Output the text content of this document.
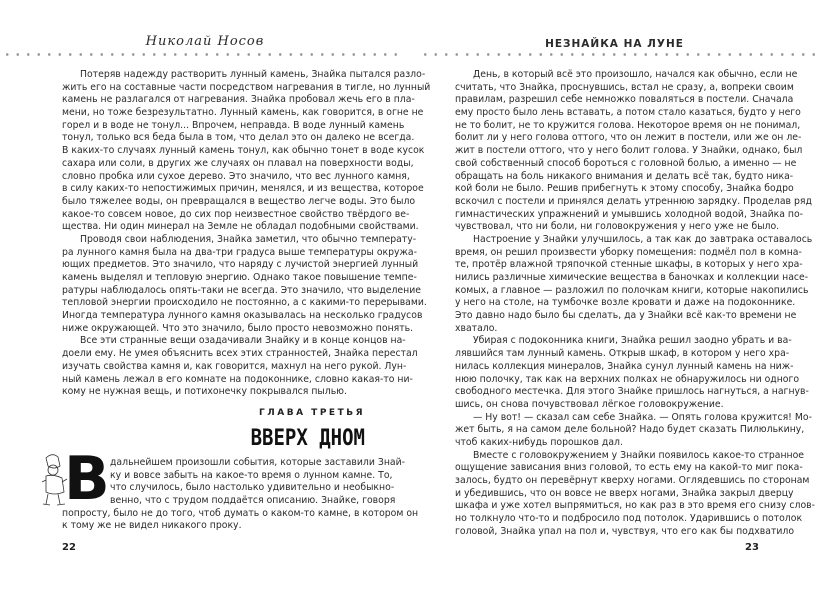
Николай Носов
Потеряв надежду растворить лунный камень, Знайка пытался разло-
жить его на составные части посредством нагревания в тигле, но лунный
камень не разлагался от нагревания. Знайка пробовал жечь его в пла-
мени, но тоже безрезультатно. Лунный камень, как говорится, в огне не
горел и в воде не тонул... Впрочем, неправда. В воде лунный камень
тонул, только вся беда была в том, что делал это он далеко не всегда.
В каких-то случаях лунный камень тонул, как обычно тонет в воде кусок
сахара или соли, в других же случаях он плавал на поверхности воды,
словно пробка или сухое дерево. Это значило, что вес лунного камня,
в силу каких-то непостижимых причин, менялся, и из вещества, которое
было тяжелее воды, он превращался в вещество легче воды. Это было
какое-то совсем новое, до сих пор неизвестное свойство твёрдого ве-
щества. Ни один минерал на Земле не обладал подобными свойствами.
Проводя свои наблюдения, Знайка заметил, что обычно температу-
ра лунного камня была на два-три градуса выше температуры окружа-
ющих предметов. Это значило, что наряду с лучистой энергией лунный
камень выделял и тепловую энергию. Однако такое повышение темпе-
ратуры наблюдалось опять-таки не всегда. Это значило, что выделение
тепловой энергии происходило не постоянно, а с какими-то перерывами.
Иногда температура лунного камня оказывалась на несколько градусов
ниже окружающей. Что это значило, было просто невозможно понять.
Все эти странные вещи озадачивали Знайку и в конце концов на-
доели ему. Не умея объяснить всех этих странностей, Знайка перестал
изучать свойства камня и, как говорится, махнул на него рукой. Лун-
ный камень лежал в его комнате на подоконнике, словно какая-то ни-
кому не нужная вещь, и потихонечку покрывался пылью.
ГЛАВА ТРЕТЬЯ
ВВЕРХ ДНОМ
В дальнейшем произошли события, которые заставили Знай-
ку и вовсе забыть на какое-то время о лунном камне. То,
что случилось, было настолько удивительно и необыкно-
венно, что с трудом поддаётся описанию. Знайке, говоря
попросту, было не до того, чтоб думать о каком-то камне, в котором он
к тому же не видел никакого проку.
22
НЕЗНАЙКА НА ЛУНЕ
День, в который всё это произошло, начался как обычно, если не
считать, что Знайка, проснувшись, встал не сразу, а, вопреки своим
правилам, разрешил себе немножко поваляться в постели. Сначала
ему просто было лень вставать, а потом стало казаться, будто у него
не то болит, не то кружится голова. Некоторое время он не понимал,
болит ли у него голова оттого, что он лежит в постели, или же он ле-
жит в постели оттого, что у него болит голова. У Знайки, однако, был
свой собственный способ бороться с головной болью, а именно — не
обращать на боль никакого внимания и делать всё так, будто ника-
кой боли не было. Решив прибегнуть к этому способу, Знайка бодро
вскочил с постели и принялся делать утреннюю зарядку. Проделав ряд
гимнастических упражнений и умывшись холодной водой, Знайка по-
чувствовал, что ни боли, ни головокружения у него уже не было.
Настроение у Знайки улучшилось, а так как до завтрака оставалось
время, он решил произвести уборку помещения: подмёл пол в комна-
те, протёр влажной тряпочкой стенные шкафы, в которых у него хра-
нились различные химические вещества в баночках и коллекции насе-
комых, а главное — разложил по полочкам книги, которые накопились
у него на столе, на тумбочке возле кровати и даже на подоконнике.
Это давно надо было бы сделать, да у Знайки всё как-то времени не
хватало.
Убирая с подоконника книги, Знайка решил заодно убрать и ва-
лявшийся там лунный камень. Открыв шкаф, в котором у него хра-
нилась коллекция минералов, Знайка сунул лунный камень на ниж-
нюю полочку, так как на верхних полках не обнаружилось ни одного
свободного местечка. Для этого Знайке пришлось нагнуться, а нагнув-
шись, он снова почувствовал лёгкое головокружение.
— Ну вот! — сказал сам себе Знайка. — Опять голова кружится! Мо-
жет быть, я на самом деле больной? Надо будет сказать Пилюлькину,
чтоб каких-нибудь порошков дал.
Вместе с головокружением у Знайки появилось какое-то странное
ощущение зависания вниз головой, то есть ему на какой-то миг пока-
залось, будто он перевёрнут кверху ногами. Оглядевшись по сторонам
и убедившись, что он вовсе не вверх ногами, Знайка закрыл дверцу
шкафа и уже хотел выпрямиться, но как раз в это время его снизу слов-
но толкнуло что-то и подбросило под потолок. Ударившись о потолок
головой, Знайка упал на пол и, чувствуя, что его как бы подхватило
23
